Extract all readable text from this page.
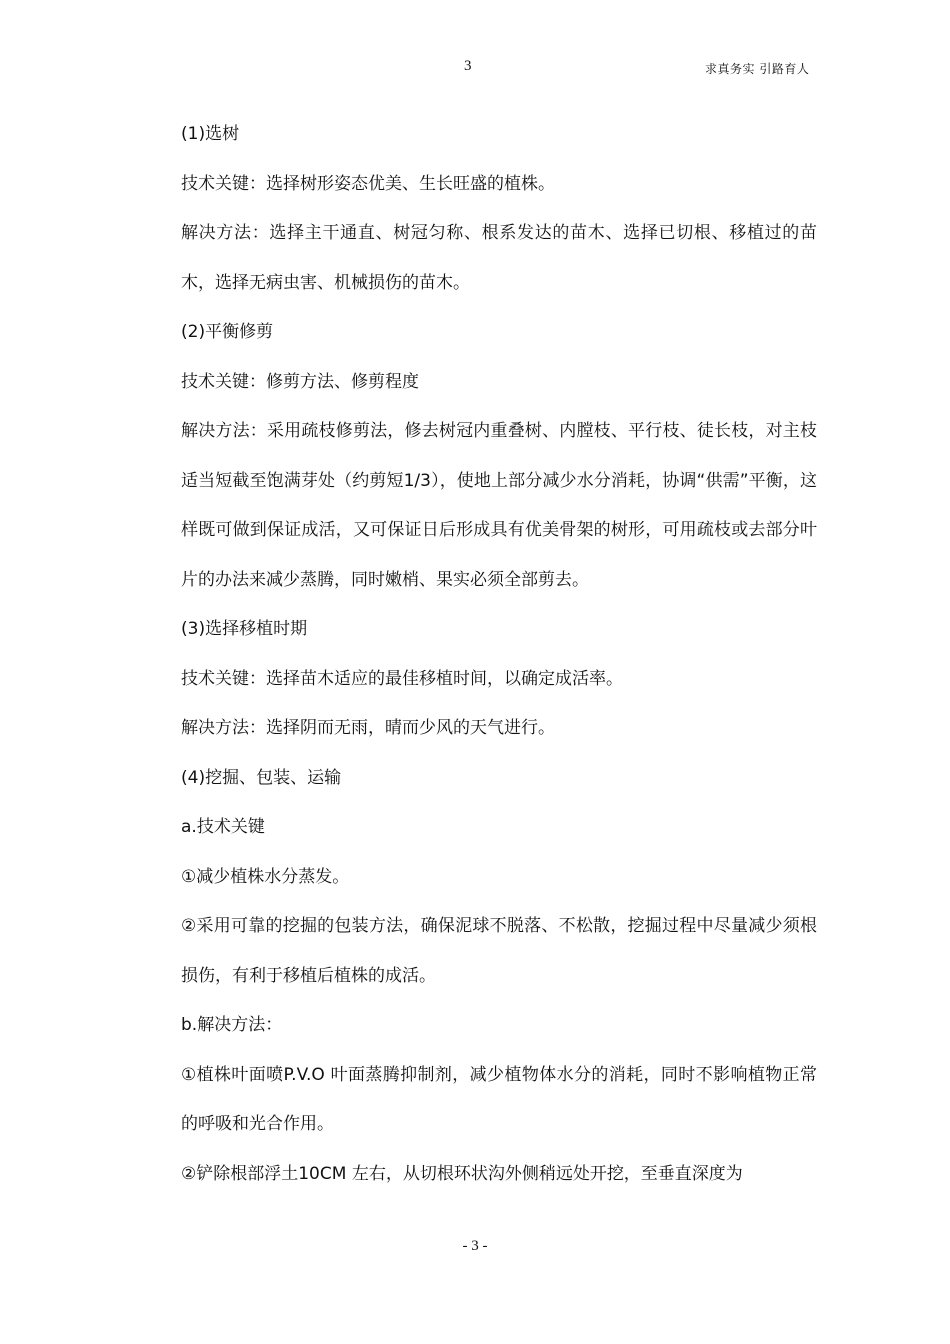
3	求真务实 引路育人

(1)选树

技术关键：选择树形姿态优美、生长旺盛的植株。

解决方法：选择主干通直、树冠匀称、根系发达的苗木、选择已切根、移植过的苗木，选择无病虫害、机械损伤的苗木。

(2)平衡修剪

技术关键：修剪方法、修剪程度

解决方法：采用疏枝修剪法，修去树冠内重叠树、内膛枝、平行枝、徒长枝，对主枝适当短截至饱满芽处（约剪短1/3），使地上部分减少水分消耗，协调“供需”平衡，这样既可做到保证成活，又可保证日后形成具有优美骨架的树形，可用疏枝或去部分叶片的办法来减少蒸腾，同时嫩梢、果实必须全部剪去。

(3)选择移植时期

技术关键：选择苗木适应的最佳移植时间，以确定成活率。

解决方法：选择阴而无雨，晴而少风的天气进行。

(4)挖掘、包装、运输

a.技术关键

①减少植株水分蒸发。

②采用可靠的挖掘的包装方法，确保泥球不脱落、不松散，挖掘过程中尽量减少须根损伤，有利于移植后植株的成活。

b.解决方法：

①植株叶面喷P.V.O 叶面蒸腾抑制剂，减少植物体水分的消耗，同时不影响植物正常的呼吸和光合作用。

②铲除根部浮土10CM 左右，从切根环状沟外侧稍远处开挖，至垂直深度为

- 3 -
